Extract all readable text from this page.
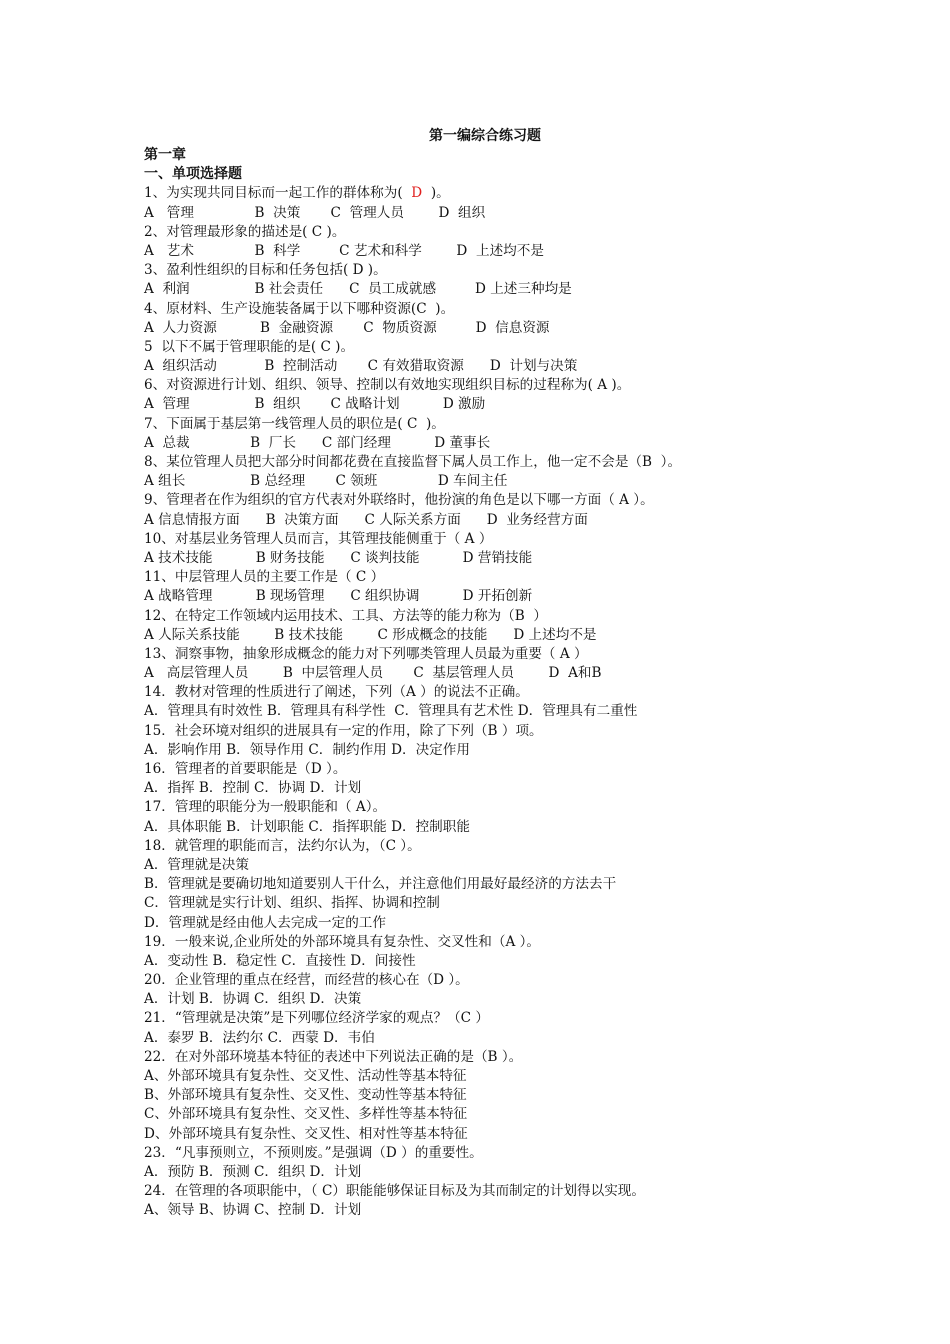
第一编综合练习题
第一章
一、单项选择题
1、为实现共同目标而一起工作的群体称为(  D  )。
A   管理              B  决策       C  管理人员        D  组织
2、对管理最形象的描述是( C )。
A   艺术              B  科学         C 艺术和科学        D  上述均不是
3、盈利性组织的目标和任务包括( D )。
A  利润               B 社会责任      C  员工成就感         D 上述三种均是
4、原材料、生产设施装备属于以下哪种资源(C  )。
A  人力资源          B  金融资源       C  物质资源         D  信息资源
5  以下不属于管理职能的是( C )。
A  组织活动           B  控制活动       C 有效猎取资源      D  计划与决策
6、对资源进行计划、组织、领导、控制以有效地实现组织目标的过程称为( A )。
A  管理               B  组织       C 战略计划          D 激励
7、下面属于基层第一线管理人员的职位是( C  )。
A  总裁              B  厂长      C 部门经理          D 董事长
8、某位管理人员把大部分时间都花费在直接监督下属人员工作上，他一定不会是（B  ）。
A 组长               B 总经理       C 领班              D 车间主任
9、管理者在作为组织的官方代表对外联络时，他扮演的角色是以下哪一方面（ A ）。
A 信息情报方面      B  决策方面      C 人际关系方面      D  业务经营方面
10、对基层业务管理人员而言，其管理技能侧重于（ A ）
A 技术技能          B 财务技能      C 谈判技能          D 营销技能
11、中层管理人员的主要工作是（ C ）
A 战略管理          B 现场管理      C 组织协调          D 开拓创新
12、在特定工作领域内运用技术、工具、方法等的能力称为（B  ）
A 人际关系技能        B 技术技能        C 形成概念的技能      D 上述均不是
13、洞察事物，抽象形成概念的能力对下列哪类管理人员最为重要（ A ）
A   高层管理人员        B  中层管理人员       C  基层管理人员        D  A和B
14．教材对管理的性质进行了阐述，下列（A ）的说法不正确。
A．管理具有时效性 B．管理具有科学性  C．管理具有艺术性 D．管理具有二重性
15．社会环境对组织的进展具有一定的作用，除了下列（B ）项。
A．影响作用 B．领导作用 C．制约作用 D．决定作用
16．管理者的首要职能是（D ）。
A．指挥 B．控制 C．协调 D．计划
17．管理的职能分为一般职能和（ A）。
A．具体职能 B．计划职能 C．指挥职能 D．控制职能
18．就管理的职能而言，法约尔认为，（C ）。
A．管理就是决策
B．管理就是要确切地知道要别人干什么，并注意他们用最好最经济的方法去干
C．管理就是实行计划、组织、指挥、协调和控制
D．管理就是经由他人去完成一定的工作
19．一般来说,企业所处的外部环境具有复杂性、交叉性和（A ）。
A．变动性 B．稳定性 C．直接性 D．间接性
20．企业管理的重点在经营，而经营的核心在（D ）。
A．计划 B．协调 C．组织 D．决策
21．“管理就是决策”是下列哪位经济学家的观点？（C ）
A．泰罗 B．法约尔 C．西蒙 D．韦伯
22．在对外部环境基本特征的表述中下列说法正确的是（B ）。
A、外部环境具有复杂性、交叉性、活动性等基本特征
B、外部环境具有复杂性、交叉性、变动性等基本特征
C、外部环境具有复杂性、交叉性、多样性等基本特征
D、外部环境具有复杂性、交叉性、相对性等基本特征
23．“凡事预则立，不预则废。”是强调（D ）的重要性。
A．预防 B．预测 C．组织 D．计划
24．在管理的各项职能中，（ C）职能能够保证目标及为其而制定的计划得以实现。
A、领导 B、协调 C、控制 D．计划
